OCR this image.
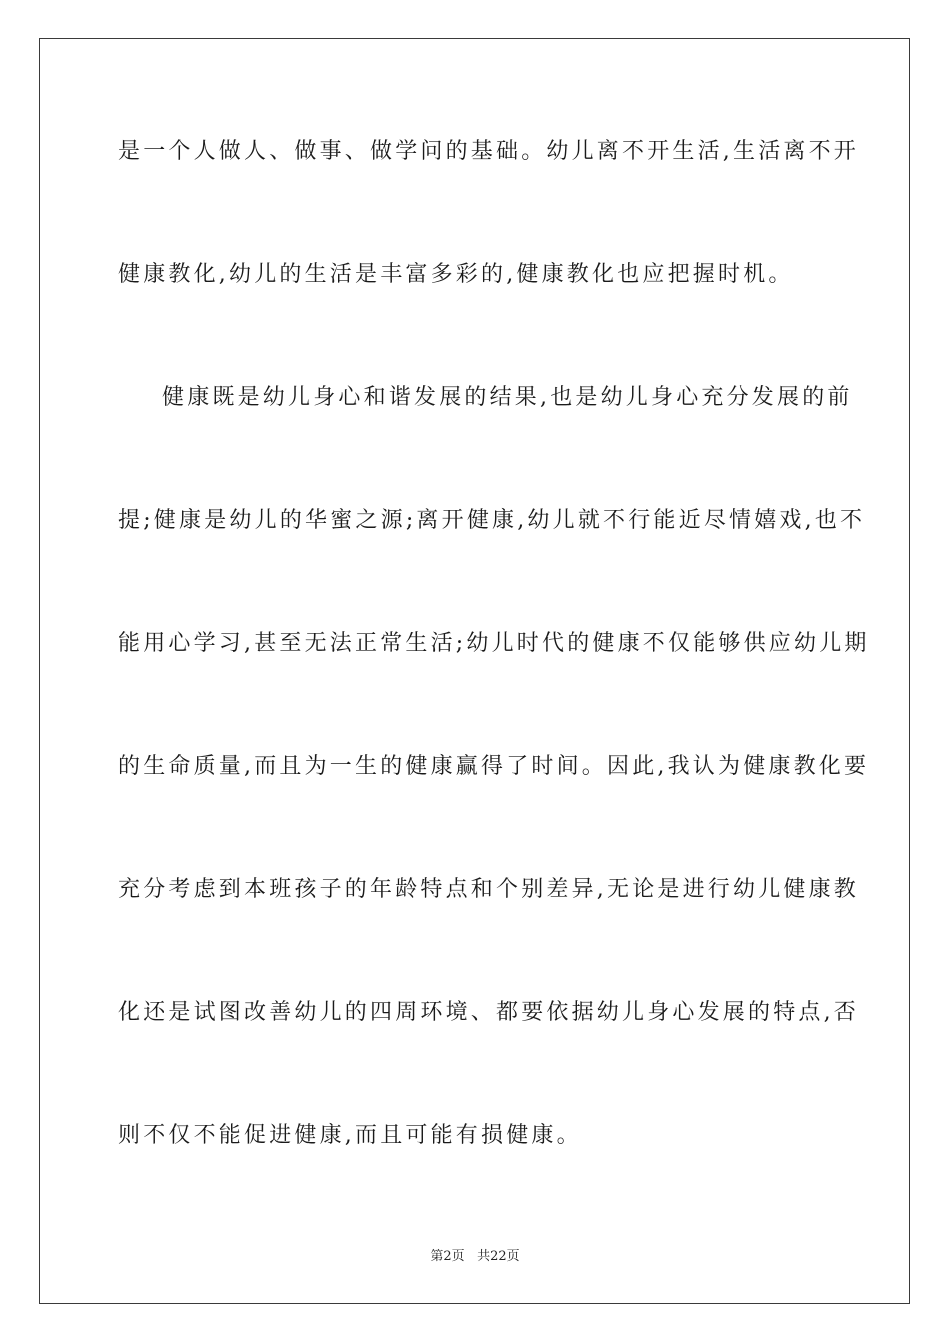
是一个人做人、做事、做学问的基础。幼儿离不开生活,生活离不开
健康教化,幼儿的生活是丰富多彩的,健康教化也应把握时机。
健康既是幼儿身心和谐发展的结果,也是幼儿身心充分发展的前
提;健康是幼儿的华蜜之源;离开健康,幼儿就不行能近尽情嬉戏,也不
能用心学习,甚至无法正常生活;幼儿时代的健康不仅能够供应幼儿期
的生命质量,而且为一生的健康赢得了时间。因此,我认为健康教化要
充分考虑到本班孩子的年龄特点和个别差异,无论是进行幼儿健康教
化还是试图改善幼儿的四周环境、都要依据幼儿身心发展的特点,否
则不仅不能促进健康,而且可能有损健康。
第2页 共22页
